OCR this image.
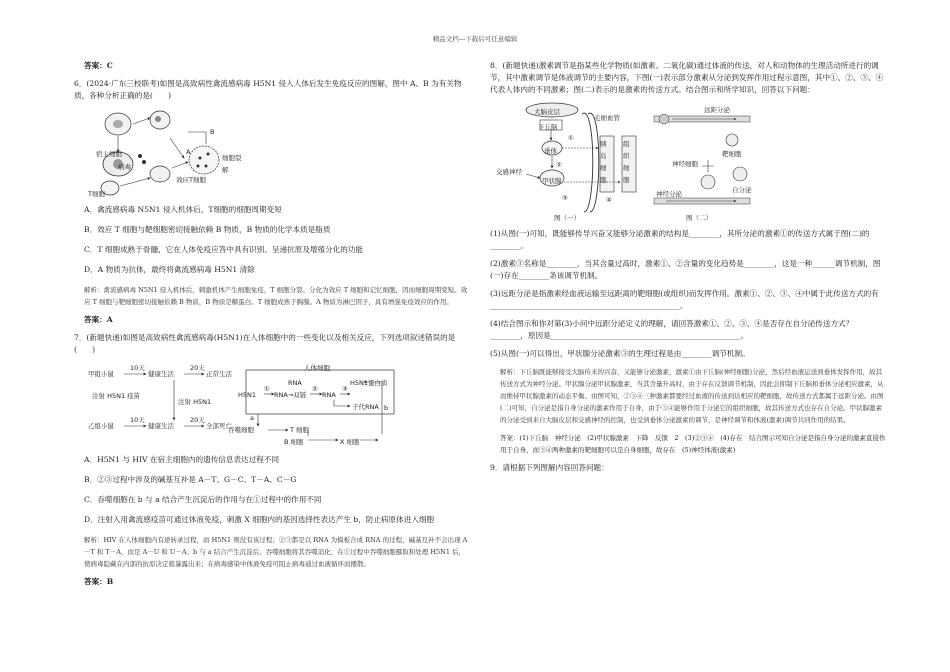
精品文档---下载后可任意编辑

答案：C

6．(2024·广东三校联考)如图是高致病性禽流感病毒 H5N1 侵入人体后发生免疫反应的图解，图中 A、B 为有关物质，各种分析正确的是(　　)

宿主细胞
病毒
T细胞
效应T细胞
细胞裂解
A
B

A．禽流感病毒 N5N1 侵入机体后，T细胞的细胞周期变短

B．效应 T 细胞与靶细胞密切接触依赖 B 物质，B 物质的化学本质是脂质

C．T 细胞成熟于骨髓，它在人体免疫应答中具有识别、呈递抗原及增殖分化的功能

D．A 物质为抗体，最终将禽流感病毒 H5N1 清除

解析：禽流感病毒 N5N1 侵入机体后，刺激机体产生细胞免疫，T 细胞分裂、分化为效应 T 细胞和记忆细胞，因而细胞周期变短。效应 T 细胞与靶细胞密切接触依赖 B 物质，B 物质是糖蛋白。T 细胞成熟于胸腺。A 物质为淋巴因子，具有增强免疫效应的作用。

答案：A

7．(新题快递)如图是高致病性禽流感病毒(H5N1)在人体细胞中的一些变化以及相关反应，下列选项叙述错误的是(　　)

甲组小鼠
10天
健康生活
20天
正常生活
注射 H5N1 疫苗
注射 H5N1
乙组小鼠
10天
健康生活
20天
全部死亡
人体细胞
H5N1
①
RNA→双链
②
RNA
H5N1蛋白质
③
子代RNA
RNA
吞噬细胞	T 细胞
B 细胞	X 细胞
b
a

A．H5N1 与 HIV 在宿主细胞内的遗传信息表达过程不同

B．②③过程中涉及的碱基互补是 A－T、G－C、T－A、C－G

C．吞噬细胞在 b 与 a 结合产生沉淀后的作用与在①过程中的作用不同

D．注射入用禽流感疫苗可通过体液免疫，刺激 X 细胞内的基因选择性表达产生 b，防止病原体进入细胞

解析：HIV 在人体细胞内有逆转录过程，而 H5N1 则没有该过程；②③都是以 RNA 为模板合成 RNA 的过程，碱基互补不会出现 A－T 和 T－A，而是 A－U 和 U－A；b 与 a 结合产生沉淀后，吞噬细胞将其吞噬消化，在①过程中吞噬细胞摄取和处理 H5N1 后，使病毒隐藏在内部的抗原决定簇暴露出来；在病毒感染中体液免疫可阻止病毒通过血液循环而播散。

答案：B

8．(新题快递)激素调节是指某些化学物质(如激素、二氧化碳)通过体液的传送，对人和动物体的生理活动所进行的调节，其中激素调节是体液调节的主要内容，下图(一)表示部分激素从分泌到发挥作用过程示意图，其中①、②、③、④代表人体内的不同激素；图(二)表示的是激素的传送方式。结合图示和所学知识，回答以下问题：

大脑皮层
下丘脑
①
垂体
②
交感神经
甲状腺
③
毛细血管
胰岛细胞
组织细胞
④
远距分泌
靶细胞
神经细胞
自分泌
神经分泌
图（一）	图（二）

(1)从图(一)可知，既能够传导兴奋又能够分泌激素的结构是________，其所分泌的激素①的传送方式属于图(二)的________。

(2)激素③名称是________，当其含量过高时，激素①、②含量的变化趋势是________，这是一种______调节机制，图(一)存在________条该调节机制。

(3)远距分泌是指激素经血液运输至远距离的靶细胞(或组织)而发挥作用。激素①、②、③、④中属于此传送方式的有__________________________________________________。

(4)结合图示和你对第(3)小问中远距分泌定义的理解，请回答激素①、②、③、④是否存在自分泌传送方式？________，原因是__________________________________________________。

(5)从图(一)可以得出，甲状腺分泌激素③的生理过程是由________调节机制。

解析：下丘脑既能够接受大脑传来的兴奋，又能够分泌激素，激素①由下丘脑(神经细胞)分泌，然后经血液运送到垂体发挥作用，故其传送方式为神经分泌。甲状腺分泌甲状腺激素，当其含量升高时，由于存在反馈调节机制，因此会抑制下丘脑和垂体分泌相应激素，从而维持甲状腺激素的动态平衡。由图可知，②③④三种激素都要经过血液的传送到达相应的靶细胞，故传送方式都属于远距分泌。由图(二)可知，自分泌是指自身分泌的激素作用于自身，由于③④能够作用于分泌它的组织细胞，故其传送方式也存在自分泌。甲状腺激素的分泌受到来自大脑皮层和交感神经的控制，也受到垂体分泌激素的调节，是神经调节和体液(激素)调节共同作用的结果。

答案：(1)下丘脑　神经分泌　(2)甲状腺激素　下降　反馈　2　(3)②③④　(4)存在　结合图示可知自分泌是指自身分泌的激素直接作用于自身，而③④两种激素的靶细胞可以是自身细胞，故存在　(5)神经体液(激素)

9．请根据下列图解内容回答问题：
